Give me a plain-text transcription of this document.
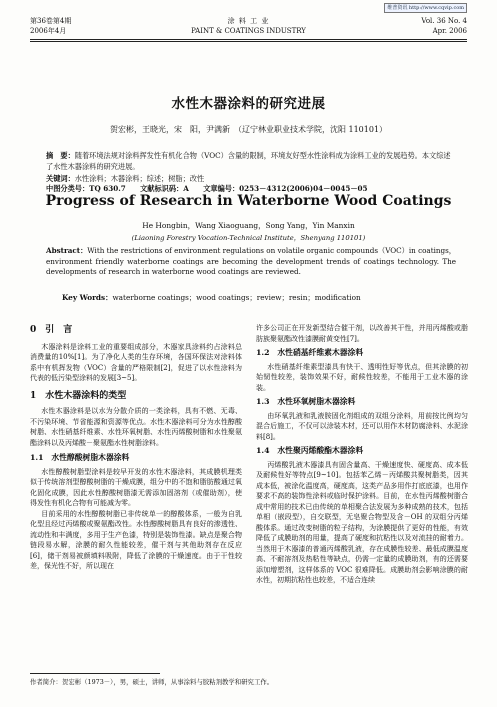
维普资讯 http://www.cqvip.com
第36卷第4期
2006年4月
涂 料 工 业
PAINT & COATINGS INDUSTRY
Vol. 36 No. 4
Apr. 2006
水性木器涂料的研究进展
贺宏彬，王晓光，宋　阳，尹满新　（辽宁林业职业技术学院，沈阳 110101）
摘　要：随着环境法规对涂料挥发性有机化合物（VOC）含量的限制，环境友好型水性涂料成为涂料工业的发展趋势。本文综述了水性木器涂料的研究进展。
关键词：水性涂料；木器涂料；综述；树脂；改性
中图分类号：TQ 630.7　　文献标识码：A　　文章编号：0253－4312(2006)04－0045－05
Progress of Research in Waterborne Wood Coatings
He Hongbin，Wang Xiaoguang，Song Yang，Yin Manxin
(Liaoning Forestry Vocation-Technical Institute，Shenyang 110101)
Abstract：With the restrictions of environment regulations on volatile organic compounds（VOC）in coatings，environment friendly waterborne coatings are becoming the development trends of coatings technology. The developments of research in waterborne wood coatings are reviewed.
Key Words：waterborne coatings；wood coatings；review；resin；modification
0　引　言

木器涂料是涂料工业的重要组成部分，木器家具涂料约占涂料总消费量的10%[1]。为了净化人类的生存环境，各国环保法对涂料体系中有机挥发物（VOC）含量的严格限制[2]，促进了以水性涂料为代表的低污染型涂料的发展[3~5]。

1　水性木器涂料的类型

水性木器涂料是以水为分散介质的一类涂料，具有不燃、无毒、不污染环境、节省能源和资源等优点。水性木器涂料可分为水性醇酸树脂、水性硝基纤维素、水性环氧树脂、水性丙烯酸树脂和水性聚氨酯涂料以及丙烯酸－聚氨酯水性树脂涂料。

1.1　水性醇酸树脂木器涂料

水性醇酸树脂型涂料是较早开发的水性木器涂料，其成膜机理类似于传统溶剂型醇酸树脂的干燥成膜，组分中的不饱和脂肪酸通过氧化固化成膜，因此水性醇酸树脂漆无需添加固溶剂（或催助剂），使得发性有机化合物有可能减为零。

目前采用的水性醇酸树脂已非传统单一的醇酸体系，一般为自乳化型且经过丙烯酸或聚氨酯改性。水性醇酸树脂具有良好的渗透性、流动性和丰满度，多用于生产色漆，特别是装饰性漆。缺点是聚合物链段易水解，涂膜的耐久性能较差，催干剂与其他助剂存在反应[6]，储干剂易被颜填料吸附，降低了涂膜的干燥速度。由于干性较差，保光性不好，所以现在

许多公司正在开发新型结合催干剂，以改善其干性，并用丙烯酸或脂肪族聚氨酯改性漆膜耐黄变性[7]。

1.2　水性硝基纤维素木器涂料

水性硝基纤维素型漆具有快干、透明性好等优点，但其涂膜的初始韧性较差，装饰效果不好，耐候性较差，不能用于工业木器的涂装。

1.3　水性环氧树脂木器涂料

由环氧乳液和乳液胺固化剂组成的双组分涂料，用前按比例均匀混合后施工，不仅可以涂装木材，还可以用作木材防腐涂料、水泥涂料[8]。

1.4　水性聚丙烯酸酯木器涂料

丙烯酸乳液木器漆具有固含量高、干燥速度快、硬度高、成本低及耐候性好等特点[9~10]。包括苯乙烯－丙烯酸共聚树脂类，因其成本低，被涂化温度高，硬度高，这类产品多用作打底底漆，也用作要求不高的装饰性涂料或临时保护涂料。目前，在水性丙烯酸树脂合成中常用的技术已由传统的单相聚合法发展为多种成熟的技术，包括单相（嵌段型），自交联型，无皂聚合物型及含－OH 的双组分丙烯酸体系。通过改变树脂的粒子结构，为涂膜提供了更好的性能，有效降低了成膜助剂的用量，提高了硬度和抗粘性以及对流挂的耐着力。当然用于木器漆的普通丙烯酸乳液，存在成膜性较差、最低成膜温度高、不耐溶剂及热粘性等缺点，仍需一定量的成膜助剂，有的还需要添加增塑剂，这样体系的 VOC 很难降低。成膜助剂会影响涂膜的耐水性，初期抗粘性也较差，不适合连续

作者简介：贺宏彬（1973－），男，硕士，讲师，从事涂料与胶粘剂教学和研究工作。
